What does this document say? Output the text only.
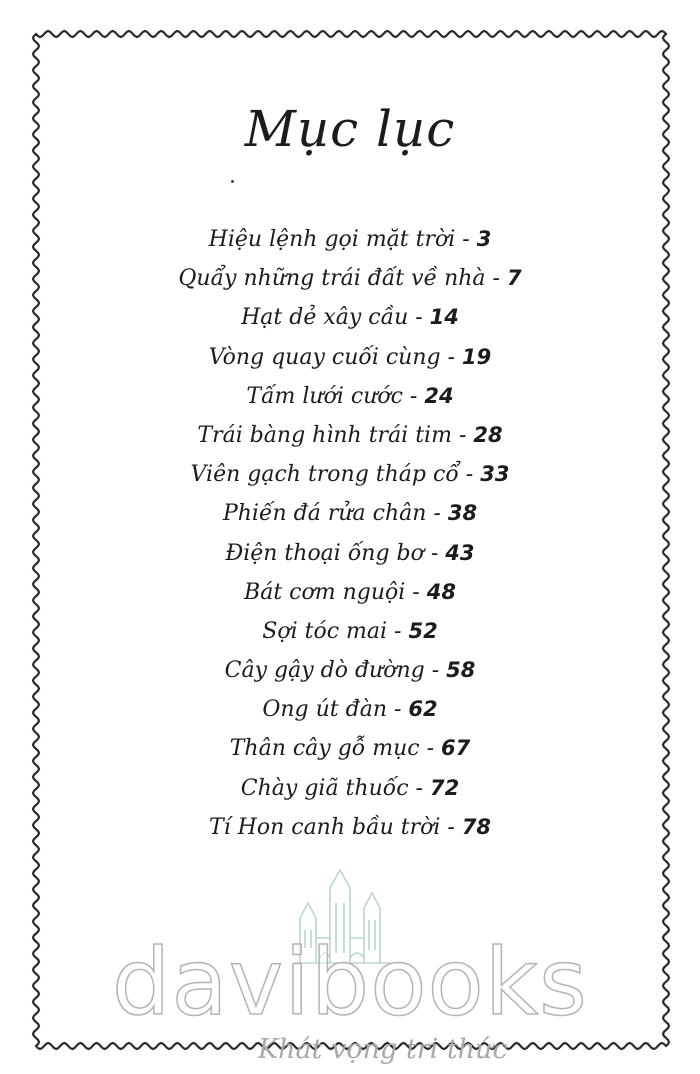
Mục lục
Hiệu lệnh gọi mặt trời - 3
Quẩy những trái đất về nhà - 7
Hạt dẻ xây cầu - 14
Vòng quay cuối cùng - 19
Tấm lưới cước - 24
Trái bàng hình trái tim - 28
Viên gạch trong tháp cổ - 33
Phiến đá rửa chân - 38
Điện thoại ống bơ - 43
Bát cơm nguội - 48
Sợi tóc mai - 52
Cây gậy dò đường - 58
Ong út đàn - 62
Thân cây gỗ mục - 67
Chày giã thuốc - 72
Tí Hon canh bầu trời - 78
davibooks
Khát vọng tri thức
